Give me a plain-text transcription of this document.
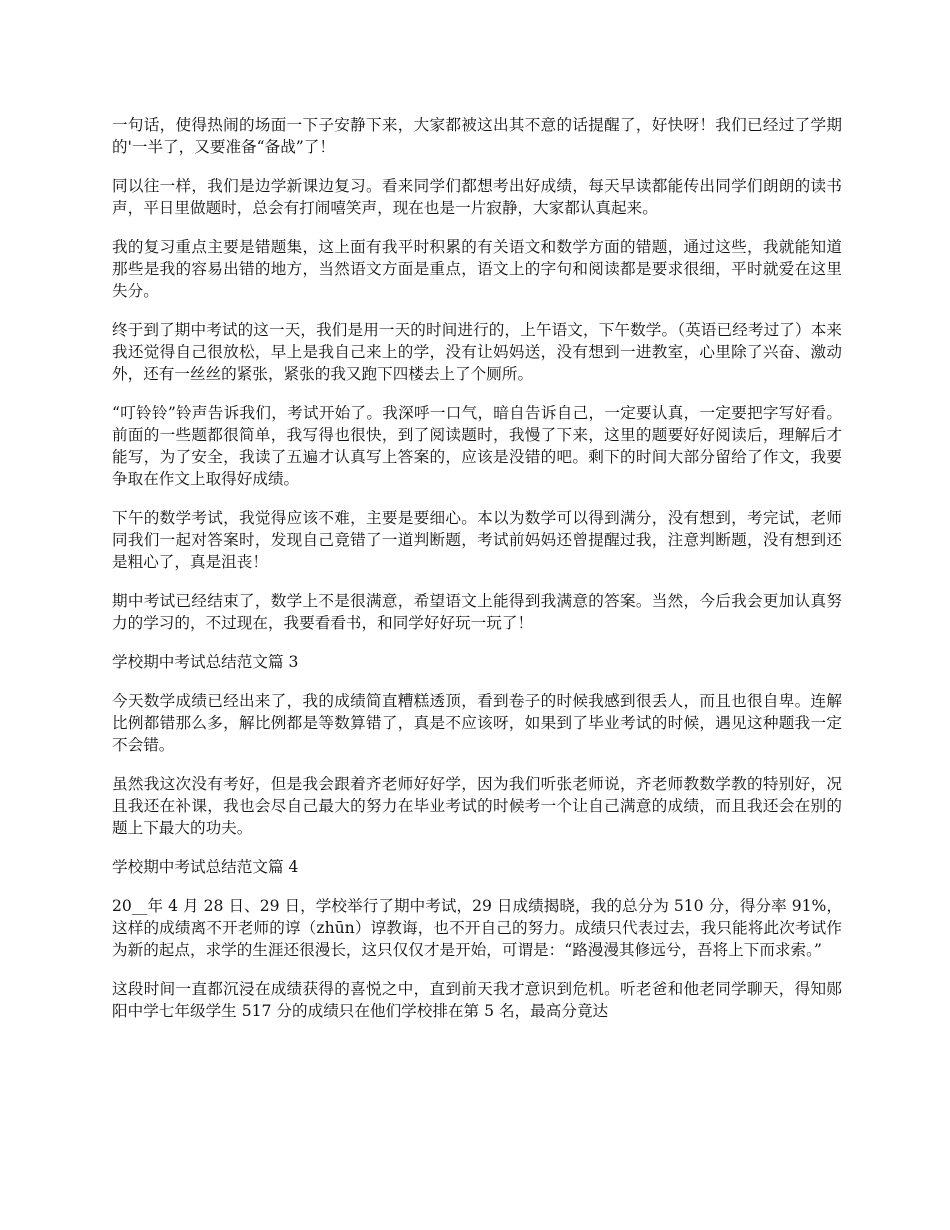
一句话，使得热闹的场面一下子安静下来，大家都被这出其不意的话提醒了，好快呀！我们已经过了学期的'一半了，又要准备“备战”了！

同以往一样，我们是边学新课边复习。看来同学们都想考出好成绩，每天早读都能传出同学们朗朗的读书声，平日里做题时，总会有打闹嘻笑声，现在也是一片寂静，大家都认真起来。

我的复习重点主要是错题集，这上面有我平时积累的有关语文和数学方面的错题，通过这些，我就能知道那些是我的容易出错的地方，当然语文方面是重点，语文上的字句和阅读都是要求很细，平时就爱在这里失分。

终于到了期中考试的这一天，我们是用一天的时间进行的，上午语文，下午数学。（英语已经考过了）本来我还觉得自己很放松，早上是我自己来上的学，没有让妈妈送，没有想到一进教室，心里除了兴奋、激动外，还有一丝丝的紧张，紧张的我又跑下四楼去上了个厕所。

“叮铃铃”铃声告诉我们，考试开始了。我深呼一口气，暗自告诉自己，一定要认真，一定要把字写好看。前面的一些题都很简单，我写得也很快，到了阅读题时，我慢了下来，这里的题要好好阅读后，理解后才能写，为了安全，我读了五遍才认真写上答案的，应该是没错的吧。剩下的时间大部分留给了作文，我要争取在作文上取得好成绩。

下午的数学考试，我觉得应该不难，主要是要细心。本以为数学可以得到满分，没有想到，考完试，老师同我们一起对答案时，发现自己竟错了一道判断题，考试前妈妈还曾提醒过我，注意判断题，没有想到还是粗心了，真是沮丧！

期中考试已经结束了，数学上不是很满意，希望语文上能得到我满意的答案。当然，今后我会更加认真努力的学习的，不过现在，我要看看书，和同学好好玩一玩了！

学校期中考试总结范文篇 3

今天数学成绩已经出来了，我的成绩简直糟糕透顶，看到卷子的时候我感到很丢人，而且也很自卑。连解比例都错那么多，解比例都是等数算错了，真是不应该呀，如果到了毕业考试的时候，遇见这种题我一定不会错。

虽然我这次没有考好，但是我会跟着齐老师好好学，因为我们听张老师说，齐老师教数学教的特别好，况且我还在补课，我也会尽自己最大的努力在毕业考试的时候考一个让自己满意的成绩，而且我还会在别的题上下最大的功夫。

学校期中考试总结范文篇 4

20__年 4 月 28 日、29 日，学校举行了期中考试，29 日成绩揭晓，我的总分为 510 分，得分率 91%，这样的成绩离不开老师的谆（zhūn）谆教诲，也不开自己的努力。成绩只代表过去，我只能将此次考试作为新的起点，求学的生涯还很漫长，这只仅仅才是开始，可谓是：“路漫漫其修远兮，吾将上下而求索。”

这段时间一直都沉浸在成绩获得的喜悦之中，直到前天我才意识到危机。听老爸和他老同学聊天，得知郧阳中学七年级学生 517 分的成绩只在他们学校排在第 5 名，最高分竟达
